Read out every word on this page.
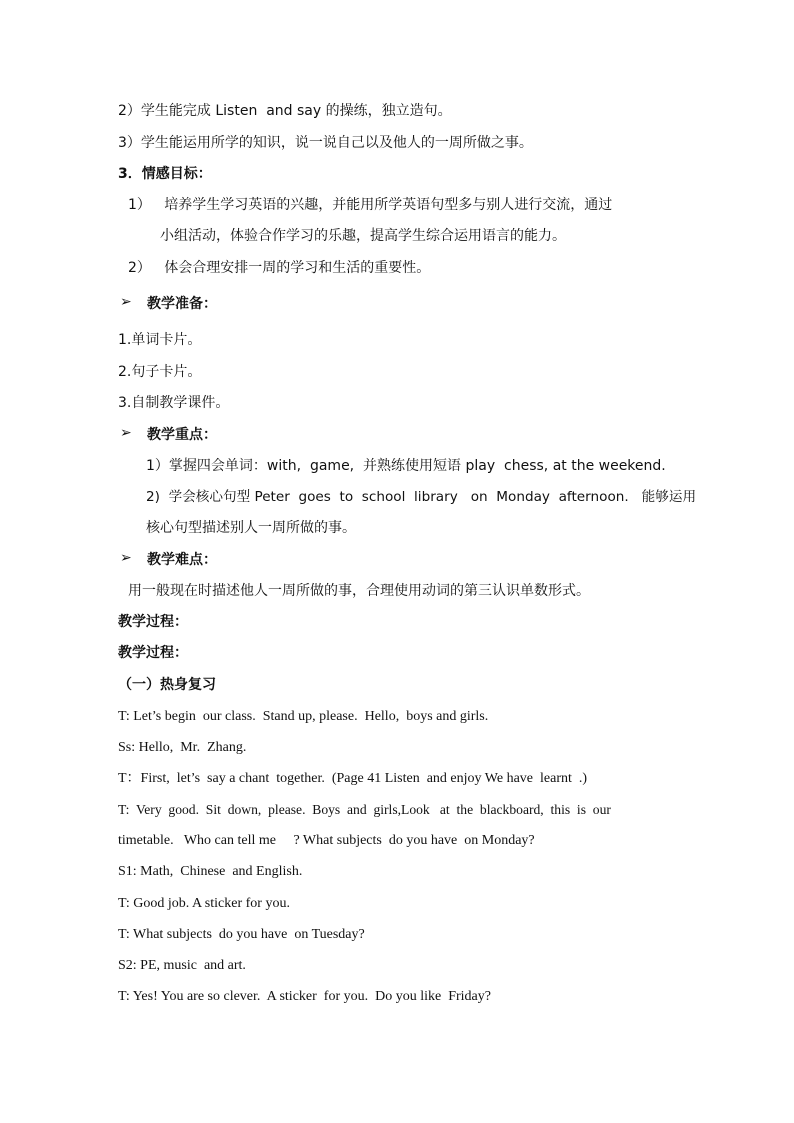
2）学生能完成 Listen  and say 的操练，独立造句。
3）学生能运用所学的知识，说一说自己以及他人的一周所做之事。
3．情感目标：
1）   培养学生学习英语的兴趣，并能用所学英语句型多与别人进行交流，通过
小组活动，体验合作学习的乐趣，提高学生综合运用语言的能力。
2）   体会合理安排一周的学习和生活的重要性。
➢ 教学准备：
1.单词卡片。
2.句子卡片。
3.自制教学课件。
➢ 教学重点：
1）掌握四会单词：with,  game,  并熟练使用短语 play  chess, at the weekend.
2)  学会核心句型 Peter  goes  to  school  library   on  Monday  afternoon.   能够运用
核心句型描述别人一周所做的事。
➢ 教学难点：
用一般现在时描述他人一周所做的事，合理使用动词的第三认识单数形式。
教学过程：
教学过程：
（一）热身复习
T: Let’s begin  our class.  Stand up, please.  Hello,  boys and girls.
Ss: Hello,  Mr.  Zhang.
T：First,  let’s  say a chant  together.  (Page 41 Listen  and enjoy We have  learnt  .)
T:  Very  good.  Sit  down,  please.  Boys  and  girls,Look   at  the  blackboard,  this  is  our
timetable.   Who can tell me     ? What subjects  do you have  on Monday?
S1: Math,  Chinese  and English.
T: Good job. A sticker for you.
T: What subjects  do you have  on Tuesday?
S2: PE, music  and art.
T: Yes! You are so clever.  A sticker  for you.  Do you like  Friday?
